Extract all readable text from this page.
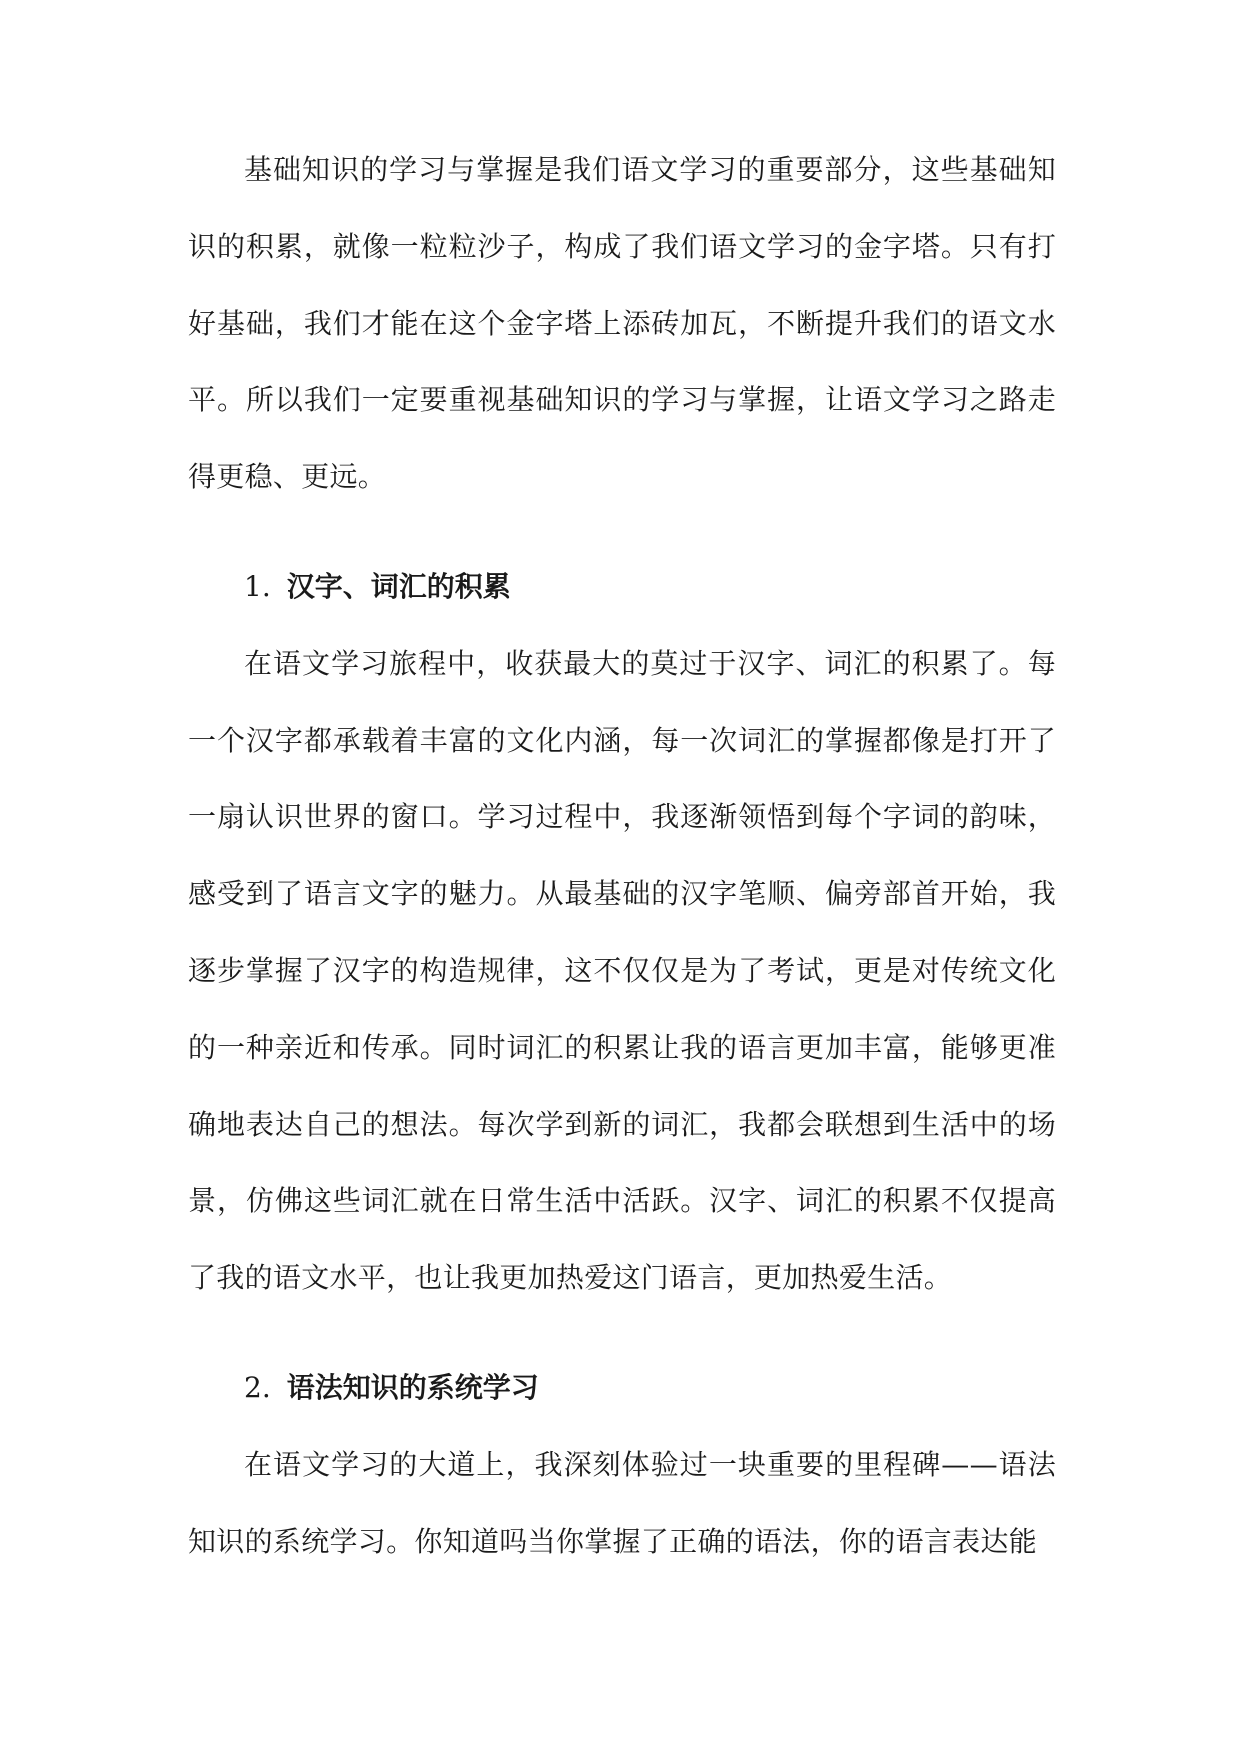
基础知识的学习与掌握是我们语文学习的重要部分，这些基础知识的积累，就像一粒粒沙子，构成了我们语文学习的金字塔。只有打好基础，我们才能在这个金字塔上添砖加瓦，不断提升我们的语文水平。所以我们一定要重视基础知识的学习与掌握，让语文学习之路走得更稳、更远。

1. 汉字、词汇的积累

在语文学习旅程中，收获最大的莫过于汉字、词汇的积累了。每一个汉字都承载着丰富的文化内涵，每一次词汇的掌握都像是打开了一扇认识世界的窗口。学习过程中，我逐渐领悟到每个字词的韵味，感受到了语言文字的魅力。从最基础的汉字笔顺、偏旁部首开始，我逐步掌握了汉字的构造规律，这不仅仅是为了考试，更是对传统文化的一种亲近和传承。同时词汇的积累让我的语言更加丰富，能够更准确地表达自己的想法。每次学到新的词汇，我都会联想到生活中的场景，仿佛这些词汇就在日常生活中活跃。汉字、词汇的积累不仅提高了我的语文水平，也让我更加热爱这门语言，更加热爱生活。

2. 语法知识的系统学习

在语文学习的大道上，我深刻体验过一块重要的里程碑——语法知识的系统学习。你知道吗当你掌握了正确的语法，你的语言表达能
